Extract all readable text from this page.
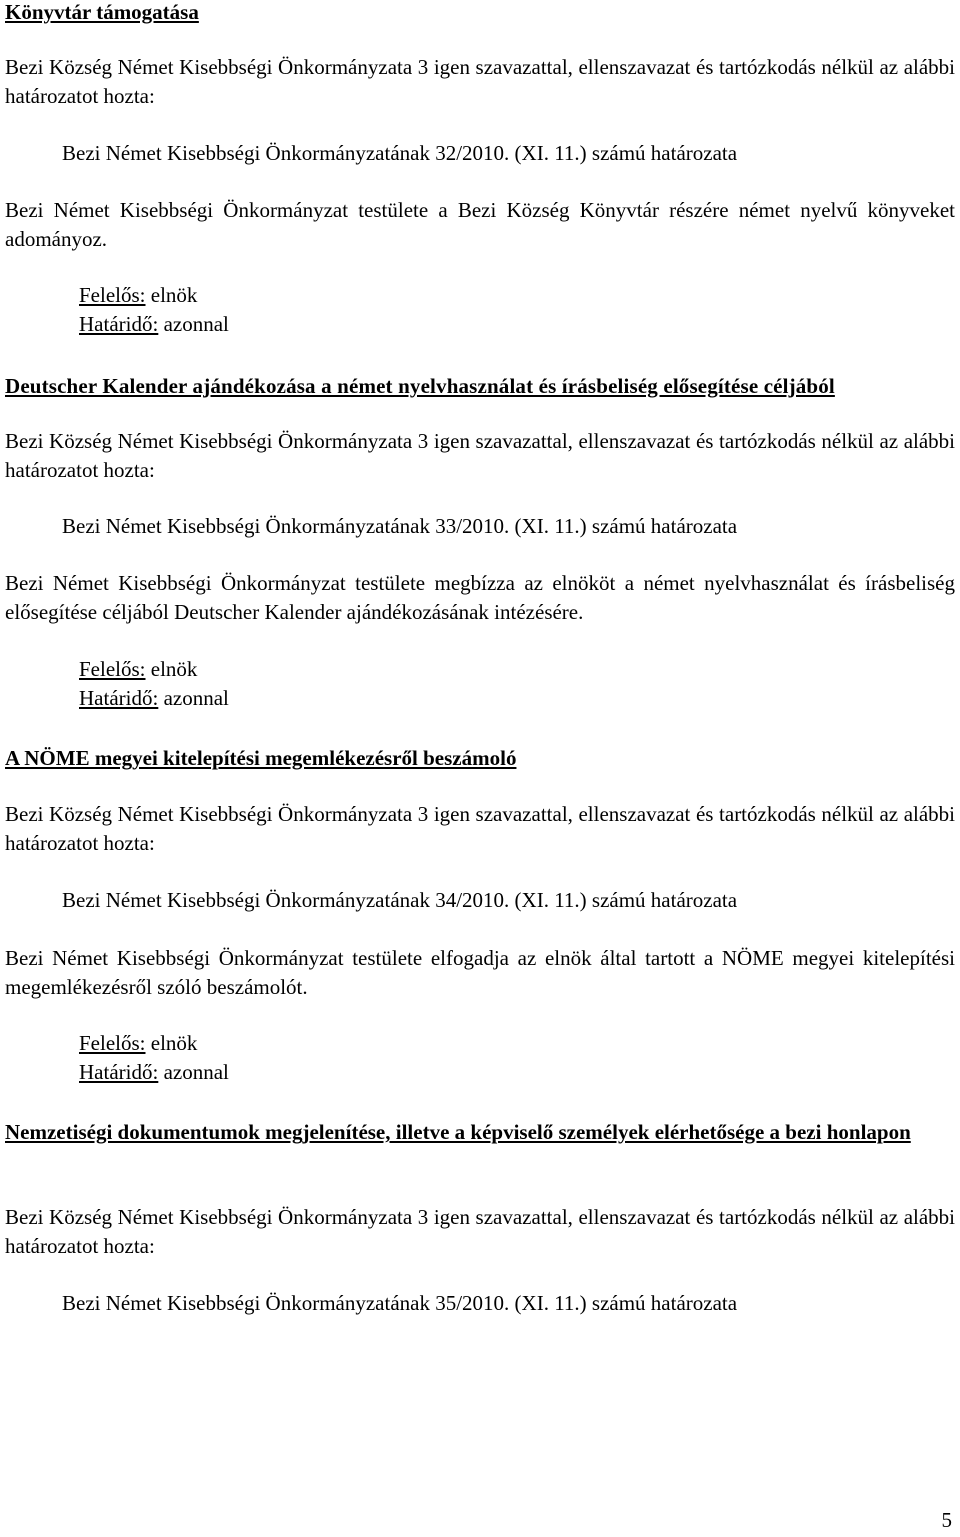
Könyvtár támogatása

Bezi Község Német Kisebbségi Önkormányzata 3 igen szavazattal, ellenszavazat és tartózkodás nélkül az alábbi határozatot hozta:

Bezi Német Kisebbségi Önkormányzatának 32/2010. (XI. 11.) számú határozata

Bezi Német Kisebbségi Önkormányzat testülete a Bezi Község Könyvtár részére német nyelvű könyveket adományoz.

Felelős: elnök

Határidő: azonnal

Deutscher Kalender ajándékozása a német nyelvhasználat és írásbeliség elősegítése céljából

Bezi Község Német Kisebbségi Önkormányzata 3 igen szavazattal, ellenszavazat és tartózkodás nélkül az alábbi határozatot hozta:

Bezi Német Kisebbségi Önkormányzatának 33/2010. (XI. 11.) számú határozata

Bezi Német Kisebbségi Önkormányzat testülete megbízza az elnököt a német nyelvhasználat és írásbeliség elősegítése céljából Deutscher Kalender ajándékozásának intézésére.

Felelős: elnök

Határidő: azonnal

A NÖME megyei kitelepítési megemlékezésről beszámoló

Bezi Község Német Kisebbségi Önkormányzata 3 igen szavazattal, ellenszavazat és tartózkodás nélkül az alábbi határozatot hozta:

Bezi Német Kisebbségi Önkormányzatának 34/2010. (XI. 11.) számú határozata

Bezi Német Kisebbségi Önkormányzat testülete elfogadja az elnök által tartott a NÖME megyei kitelepítési megemlékezésről szóló beszámolót.

Felelős: elnök

Határidő: azonnal

Nemzetiségi dokumentumok megjelenítése, illetve a képviselő személyek elérhetősége a bezi honlapon

Bezi Község Német Kisebbségi Önkormányzata 3 igen szavazattal, ellenszavazat és tartózkodás nélkül az alábbi határozatot hozta:

Bezi Német Kisebbségi Önkormányzatának 35/2010. (XI. 11.) számú határozata

5
